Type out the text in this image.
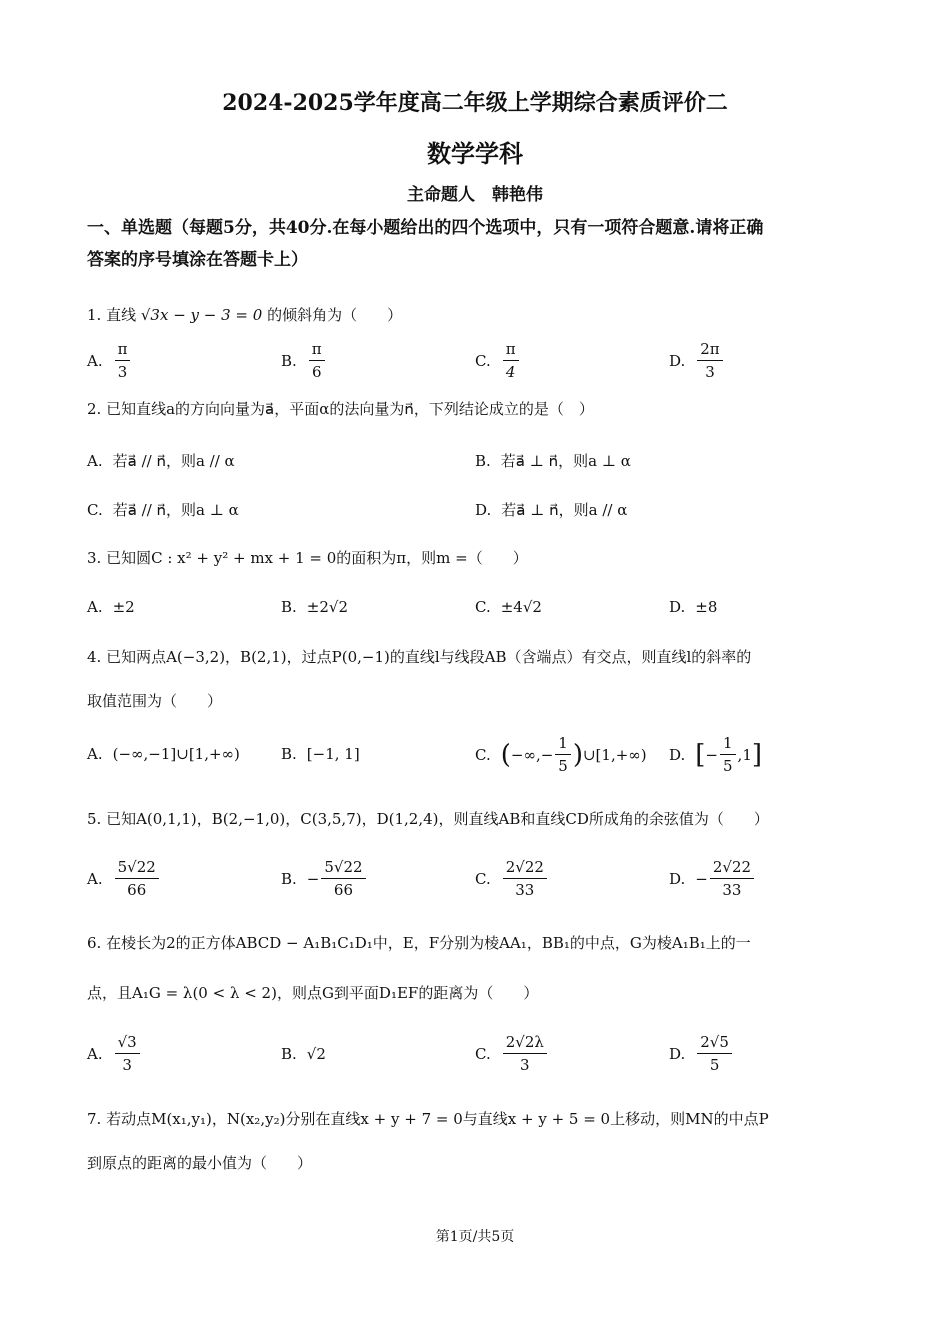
2024-2025学年度高二年级上学期综合素质评价二
数学学科
主命题人　韩艳伟
一、单选题（每题5分，共40分.在每小题给出的四个选项中，只有一项符合题意.请将正确
答案的序号填涂在答题卡上）
1. 直线 √3x − y − 3 = 0 的倾斜角为（　　）
A. $\frac{\pi}{3}$	B. $\frac{\pi}{6}$	C. $\frac{\pi}{4}$	D. $\frac{2\pi}{3}$
2. 已知直线a的方向向量为a⃗，平面α的法向量为n⃗，下列结论成立的是（　）
A. 若a⃗ // n⃗，则a // α	B. 若a⃗ ⊥ n⃗，则a ⊥ α
C. 若a⃗ // n⃗，则a ⊥ α	D. 若a⃗ ⊥ n⃗，则a // α
3. 已知圆C : x² + y² + mx + 1 = 0的面积为π，则m =（　　）
A. ±2	B. ±2√2	C. ±4√2	D. ±8
4. 已知两点A(−3,2)，B(2,1)，过点P(0,−1)的直线l与线段AB（含端点）有交点，则直线l的斜率的
取值范围为（　　）
A. (−∞,−1]∪[1,+∞)	B. [−1, 1]	C. ( −∞,− $\frac{1}{5}$ ) ∪[1,+∞) D. [ − $\frac{1}{5} ,1$ ]
5. 已知A(0,1,1)，B(2,−1,0)，C(3,5,7)，D(1,2,4)，则直线AB和直线CD所成角的余弦值为（　　）
A. $\frac{5√22}{66}$	B. − $\frac{5√22}{66}$	C. $\frac{2√22}{33}$	D. − $\frac{2√22}{33}$
6. 在棱长为2的正方体ABCD − A₁B₁C₁D₁中，E，F分别为棱AA₁，BB₁的中点，G为棱A₁B₁上的一
点，且A₁G = λ(0 < λ < 2)，则点G到平面D₁EF的距离为（　　）
A. $\frac{√3}{3}$	B. √2	C. $\frac{2√2\lambda}{3}$	D. $\frac{2√5}{5}$
7. 若动点M(x₁,y₁)，N(x₂,y₂)分别在直线x + y + 7 = 0与直线x + y + 5 = 0上移动，则MN的中点P
到原点的距离的最小值为（　　）
第1页/共5页
